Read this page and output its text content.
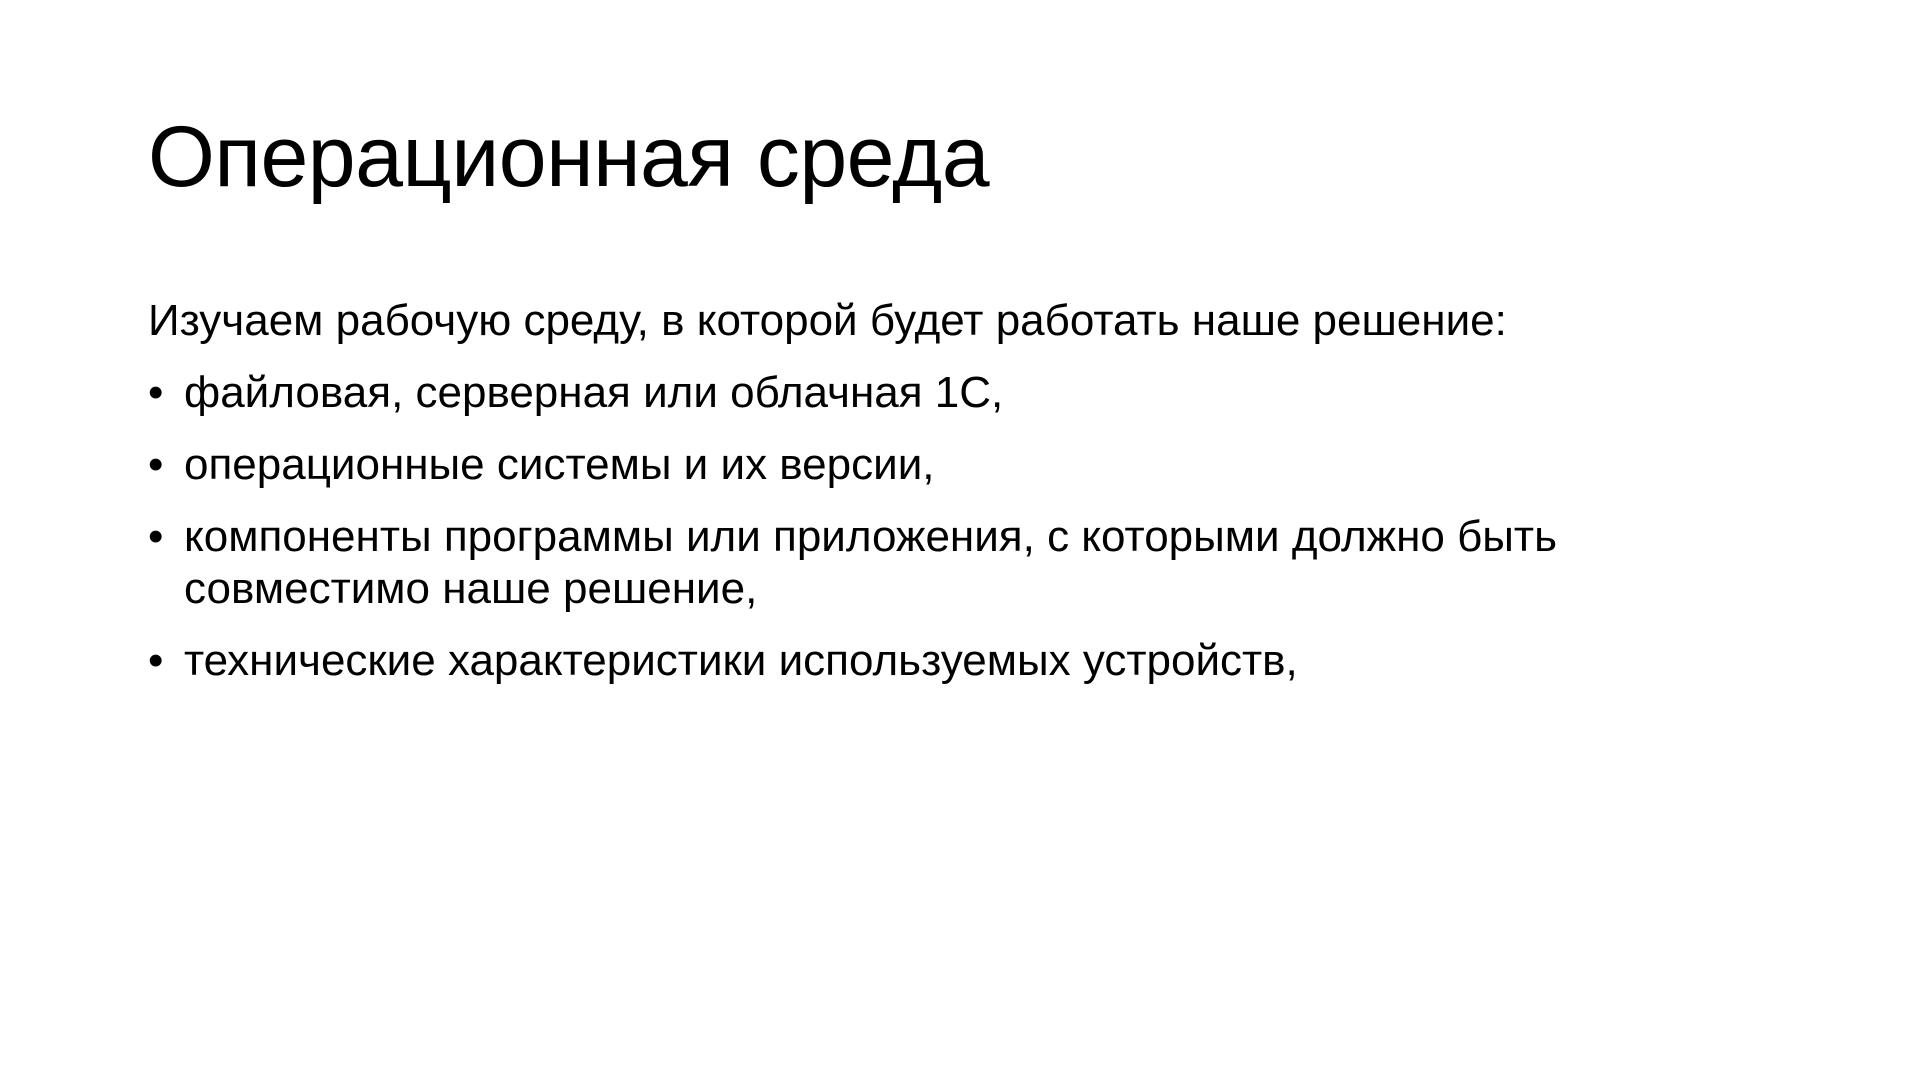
Операционная среда

Изучаем рабочую среду, в которой будет работать наше решение:

• файловая, серверная или облачная 1С,
• операционные системы и их версии,
• компоненты программы или приложения, с которыми должно быть совместимо наше решение,
• технические характеристики используемых устройств,
